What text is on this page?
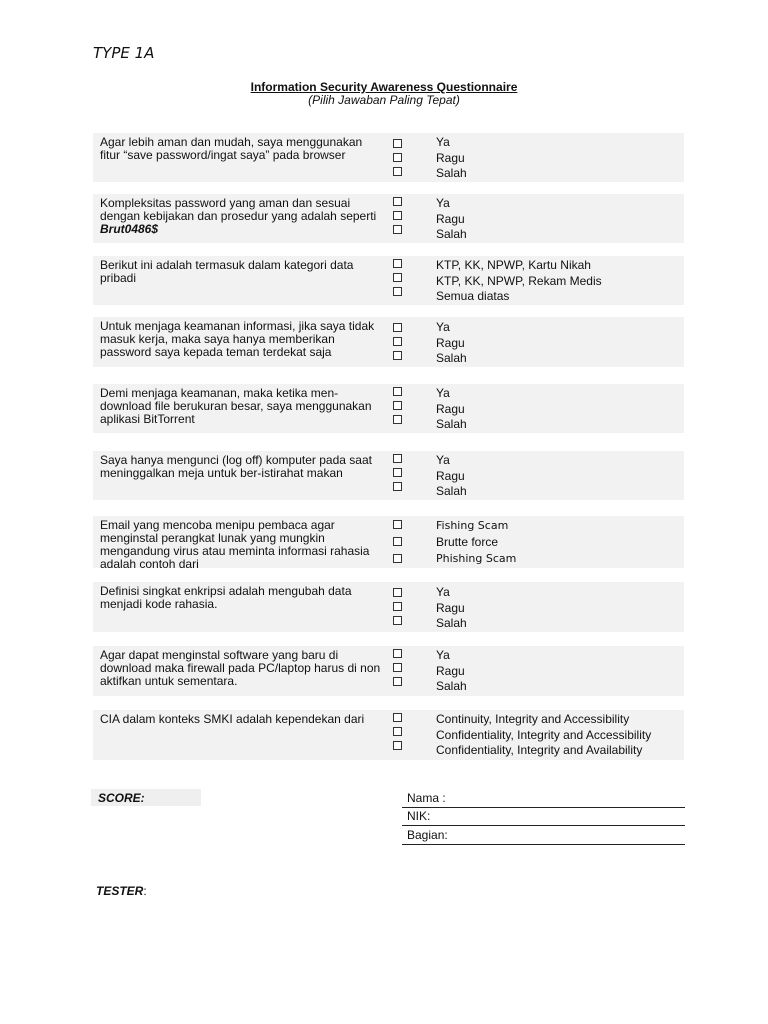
TYPE 1A
Information Security Awareness Questionnaire
(Pilih Jawaban Paling Tepat)
Agar lebih aman dan mudah, saya menggunakan fitur “save password/ingat saya” pada browser
Ya
Ragu
Salah
Kompleksitas password yang aman dan sesuai dengan kebijakan dan prosedur yang adalah seperti Brut0486$
Ya
Ragu
Salah
Berikut ini adalah termasuk dalam kategori data pribadi
KTP, KK, NPWP, Kartu Nikah
KTP, KK, NPWP, Rekam Medis
Semua diatas
Untuk menjaga keamanan informasi, jika saya tidak masuk kerja, maka saya hanya memberikan password saya kepada teman terdekat saja
Ya
Ragu
Salah
Demi menjaga keamanan, maka ketika men-download file berukuran besar, saya menggunakan aplikasi BitTorrent
Ya
Ragu
Salah
Saya hanya mengunci (log off) komputer pada saat meninggalkan meja untuk ber-istirahat makan
Ya
Ragu
Salah
Email yang mencoba menipu pembaca agar menginstal perangkat lunak yang mungkin mengandung virus atau meminta informasi rahasia adalah contoh dari
Fishing Scam
Brutte force
Phishing Scam
Definisi singkat enkripsi adalah mengubah data menjadi kode rahasia.
Ya
Ragu
Salah
Agar dapat menginstal software yang baru di download maka firewall pada PC/laptop harus di non aktifkan untuk sementara.
Ya
Ragu
Salah
CIA dalam konteks SMKI adalah kependekan dari	Continuity, Integrity and Accessibility
Confidentiality, Integrity and Accessibility
Confidentiality, Integrity and Availability
SCORE:	Nama :
NIK:
Bagian:
TESTER:
